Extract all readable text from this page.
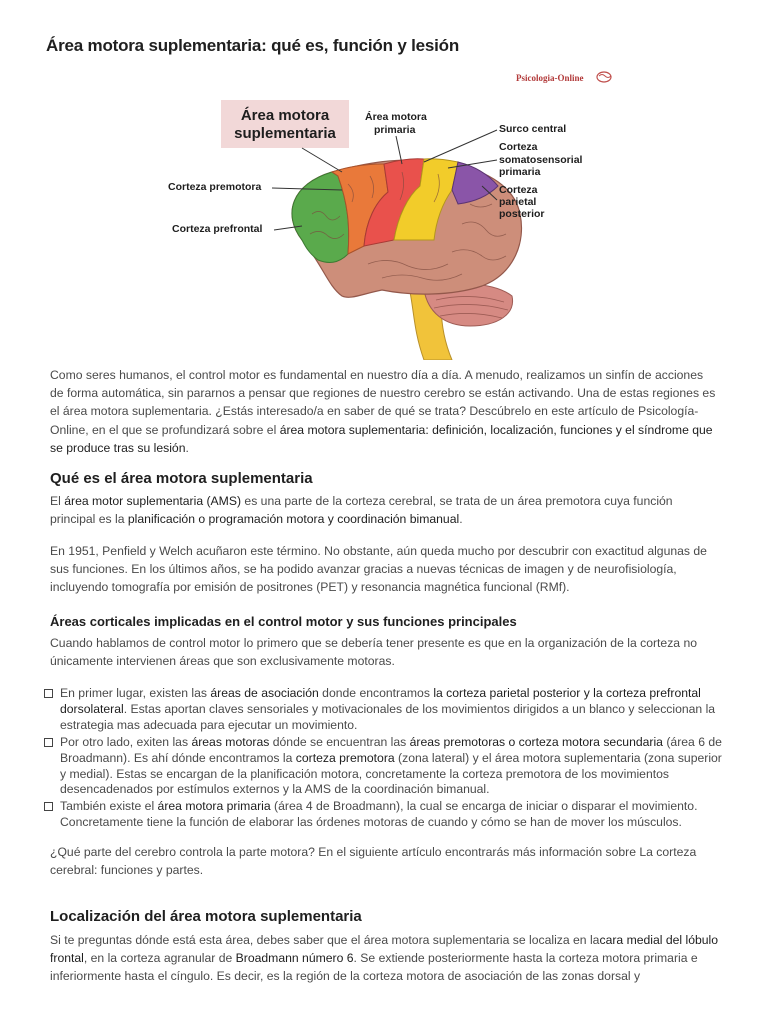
Área motora suplementaria: qué es, función y lesión
Psicologia-Online
Área motora
suplementaria
Área motora
primaria	Surco central
Corteza
somatosensorial
primaria
Corteza
parietal
posterior
Corteza premotora
Corteza prefrontal

Como seres humanos, el control motor es fundamental en nuestro día a día. A menudo, realizamos un sinfín de acciones de forma automática, sin pararnos a pensar que regiones de nuestro cerebro se están activando. Una de estas regiones es el área motora suplementaria. ¿Estás interesado/a en saber de qué se trata? Descúbrelo en este artículo de Psicología-Online, en el que se profundizará sobre el área motora suplementaria: definición, localización, funciones y el síndrome que se produce tras su lesión.

Qué es el área motora suplementaria

El área motor suplementaria (AMS) es una parte de la corteza cerebral, se trata de un área premotora cuya función principal es la planificación o programación motora y coordinación bimanual.

En 1951, Penfield y Welch acuñaron este término. No obstante, aún queda mucho por descubrir con exactitud algunas de sus funciones. En los últimos años, se ha podido avanzar gracias a nuevas técnicas de imagen y de neurofisiología, incluyendo tomografía por emisión de positrones (PET) y resonancia magnética funcional (RMf).

Áreas corticales implicadas en el control motor y sus funciones principales

Cuando hablamos de control motor lo primero que se debería tener presente es que en la organización de la corteza no únicamente intervienen áreas que son exclusivamente motoras.

En primer lugar, existen las áreas de asociación donde encontramos la corteza parietal posterior y la corteza prefrontal dorsolateral. Estas aportan claves sensoriales y motivacionales de los movimientos dirigidos a un blanco y seleccionan la estrategia mas adecuada para ejecutar un movimiento.
Por otro lado, exiten las áreas motoras dónde se encuentran las áreas premotoras o corteza motora secundaria (área 6 de Broadmann). Es ahí dónde encontramos la corteza premotora (zona lateral) y el área motora suplementaria (zona superior y medial). Estas se encargan de la planificación motora, concretamente la corteza premotora de los movimientos desencadenados por estímulos externos y la AMS de la coordinación bimanual.
También existe el área motora primaria (área 4 de Broadmann), la cual se encarga de iniciar o disparar el movimiento. Concretamente tiene la función de elaborar las órdenes motoras de cuando y cómo se han de mover los músculos.

¿Qué parte del cerebro controla la parte motora? En el siguiente artículo encontrarás más información sobre La corteza cerebral: funciones y partes.

Localización del área motora suplementaria

Si te preguntas dónde está esta área, debes saber que el área motora suplementaria se localiza en lacara medial del lóbulo frontal, en la corteza agranular de Broadmann número 6. Se extiende posteriormente hasta la corteza motora primaria e inferiormente hasta el cíngulo. Es decir, es la región de la corteza motora de asociación de las zonas dorsal y
